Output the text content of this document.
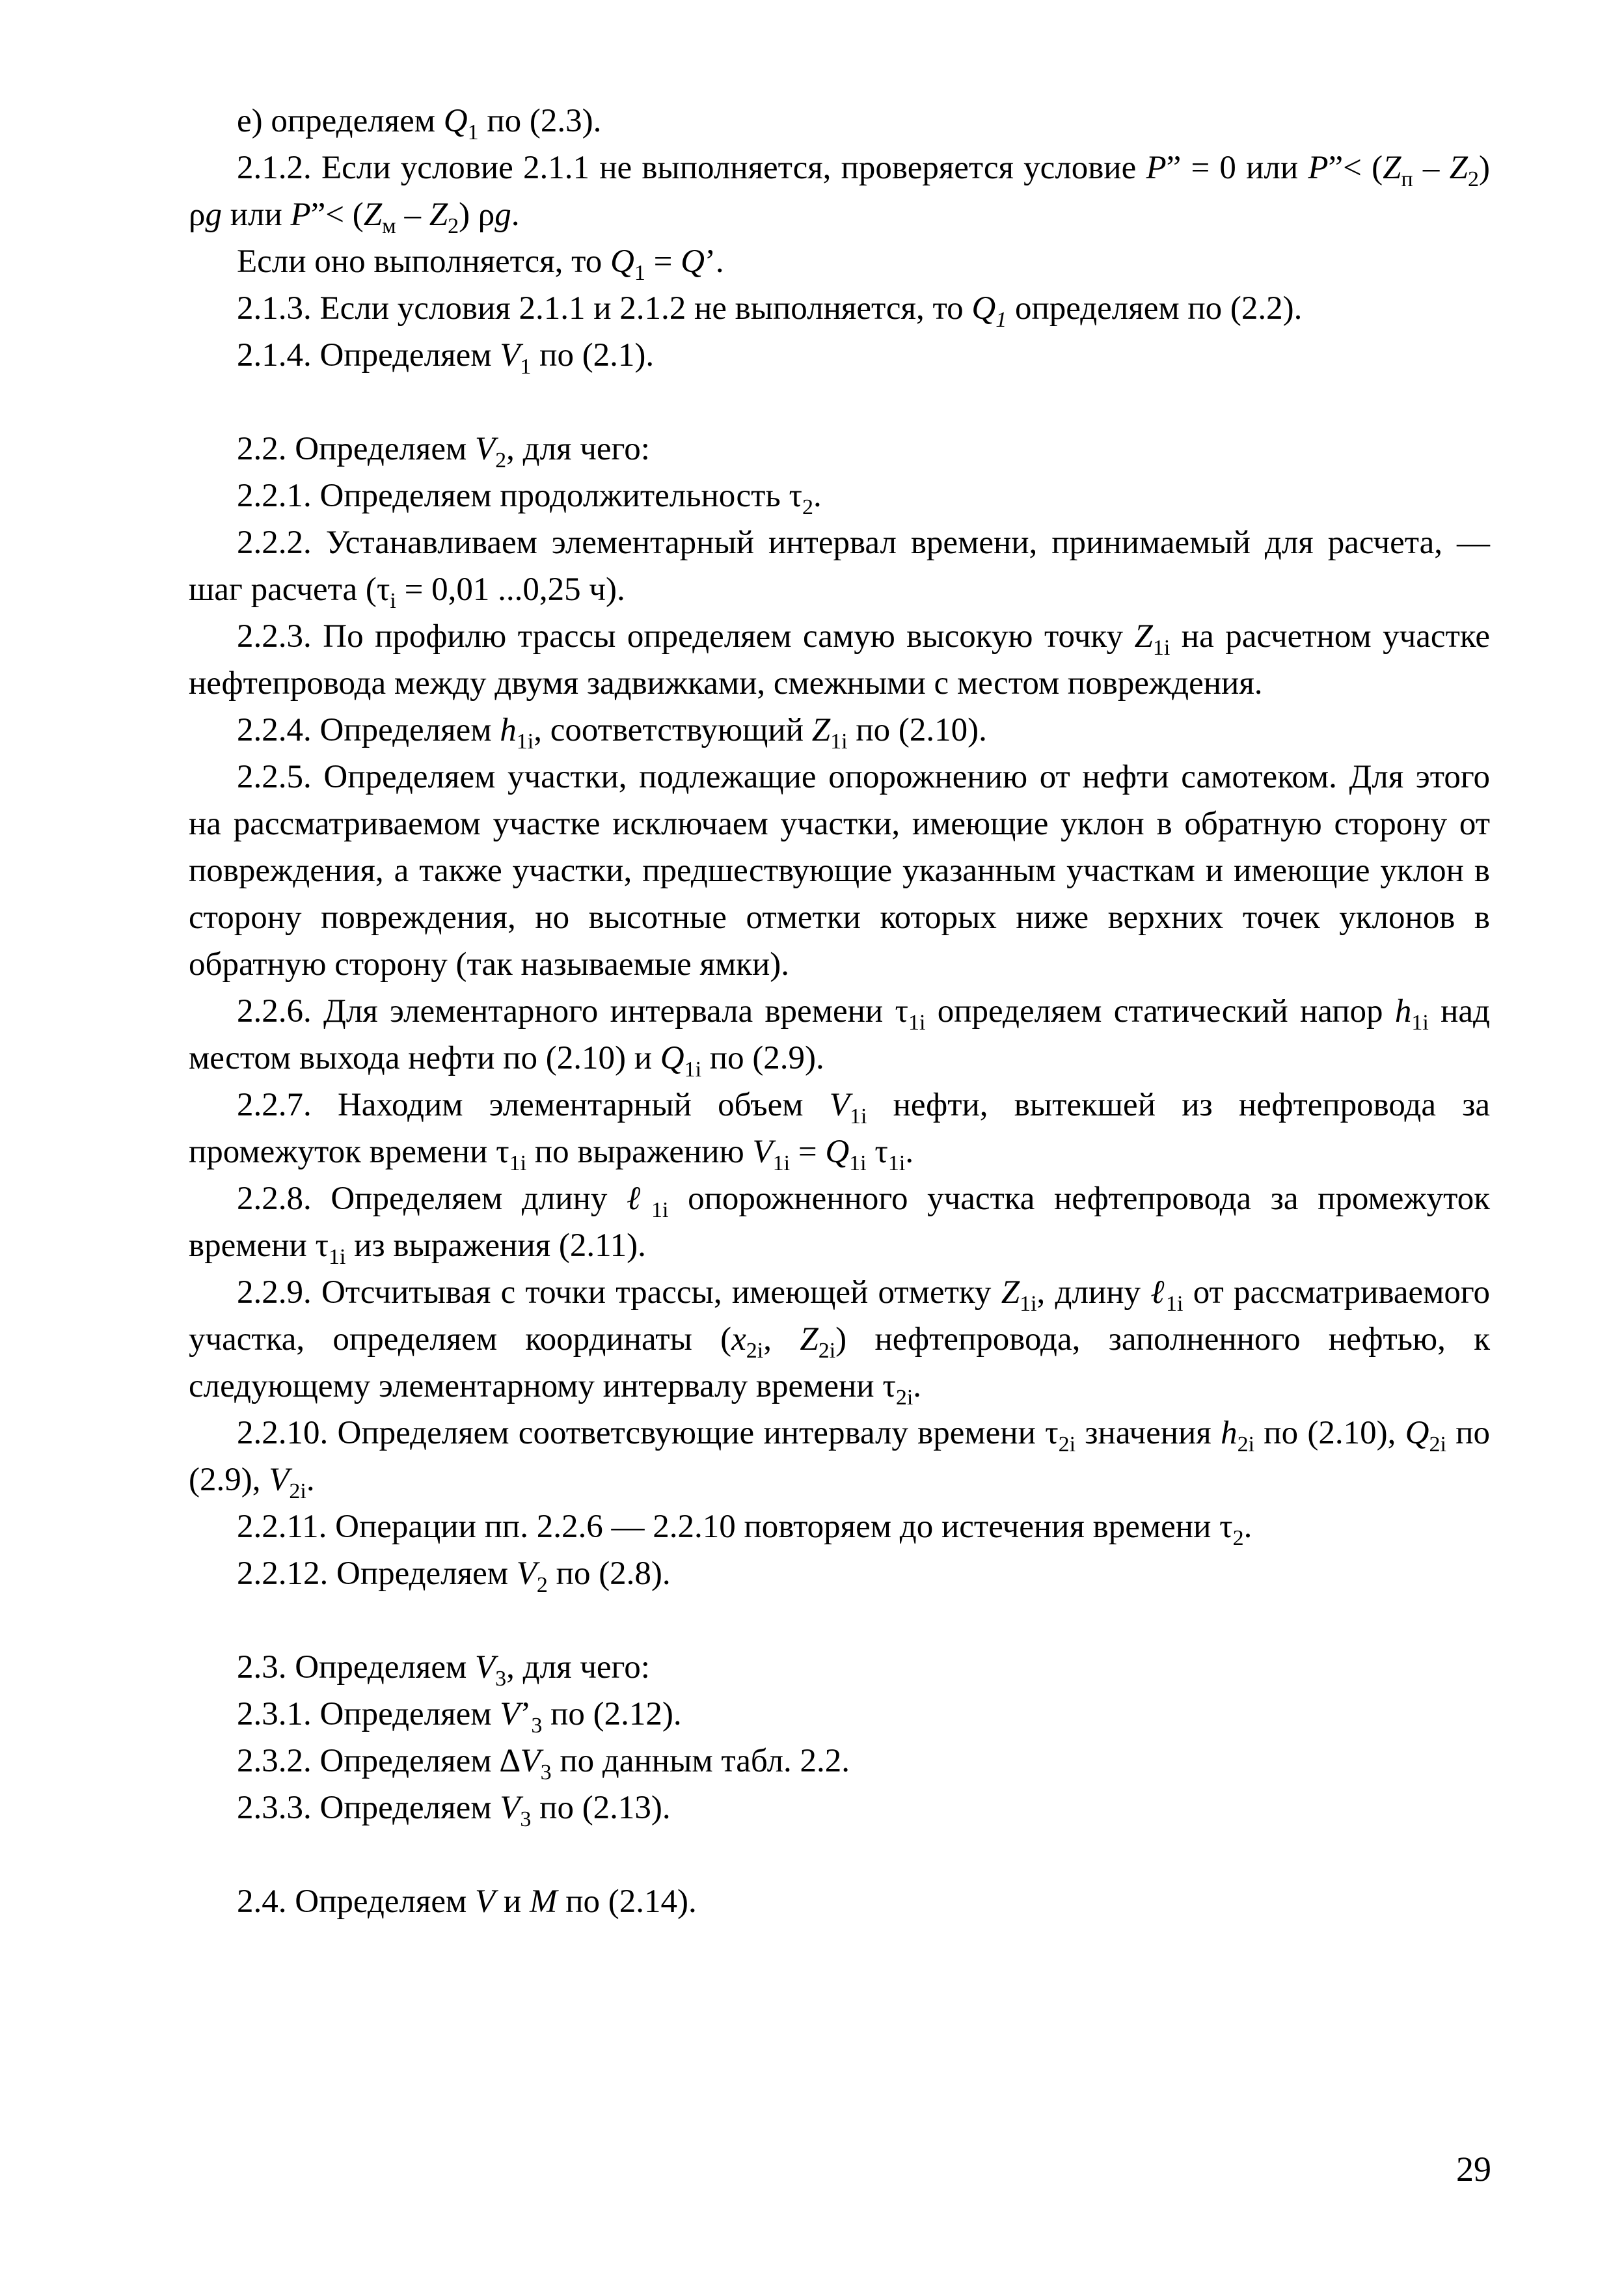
е) определяем $Q_1$ по (2.3).

2.1.2. Если условие 2.1.1 не выполняется, проверяется условие P” = 0 или P”< $(Z_п - Z_2)$ ρg или P”< $(Z_м - Z_2)$ ρg.

Если оно выполняется, то $Q_1 = Q$’.

2.1.3. Если условия 2.1.1 и 2.1.2 не выполняется, то $Q_1$ определяем по (2.2).

2.1.4. Определяем $V_1$ по (2.1).

2.2. Определяем $V_2$, для чего:

2.2.1. Определяем продолжительность $\tau_2$.

2.2.2. Устанавливаем элементарный интервал времени, принимаемый для расчета, — шаг расчета ($\tau_i = 0,01$ ...0,25 ч).

2.2.3. По профилю трассы определяем самую высокую точку $Z_{1i}$ на расчетном участке нефтепровода между двумя задвижками, смежными с местом повреждения.

2.2.4. Определяем $h_{1i}$, соответствующий $Z_{1i}$ по (2.10).

2.2.5. Определяем участки, подлежащие опорожнению от нефти самотеком. Для этого на рассматриваемом участке исключаем участки, имеющие уклон в обратную сторону от повреждения, а также участки, предшествующие указанным участкам и имеющие уклон в сторону повреждения, но высотные отметки которых ниже верхних точек уклонов в обратную сторону (так называемые ямки).

2.2.6. Для элементарного интервала времени $\tau_{1i}$ определяем статический напор $h_{1i}$ над местом выхода нефти по (2.10) и $Q_{1i}$ по (2.9).

2.2.7. Находим элементарный объем $V_{1i}$ нефти, вытекшей из нефтепровода за промежуток времени $\tau_{1i}$ по выражению $V_{1i} = Q_{1i}$ $\tau_{1i}$.

2.2.8. Определяем длину ℓ$_{1i}$ опорожненного участка нефтепровода за промежуток времени $\tau_{1i}$ из выражения (2.11).

2.2.9. Отсчитывая с точки трассы, имеющей отметку $Z_{1i}$, длину ℓ$_{1i}$ от рассматриваемого участка, определяем координаты ($x_{2i}$, $Z_{2i}$) нефтепровода, заполненного нефтью, к следующему элементарному интервалу времени $\tau_{2i}$.

2.2.10. Определяем соответсвующие интервалу времени $\tau_{2i}$ значения $h_{2i}$ по (2.10), $Q_{2i}$ по (2.9), $V_{2i}$.

2.2.11. Операции пп. 2.2.6 — 2.2.10 повторяем до истечения времени $\tau_2$.

2.2.12. Определяем $V_2$ по (2.8).

2.3. Определяем $V_3$, для чего:

2.3.1. Определяем $V’_3$ по (2.12).

2.3.2. Определяем $\Delta V_3$ по данным табл. 2.2.

2.3.3. Определяем $V_3$ по (2.13).

2.4. Определяем V и M по (2.14).

29
